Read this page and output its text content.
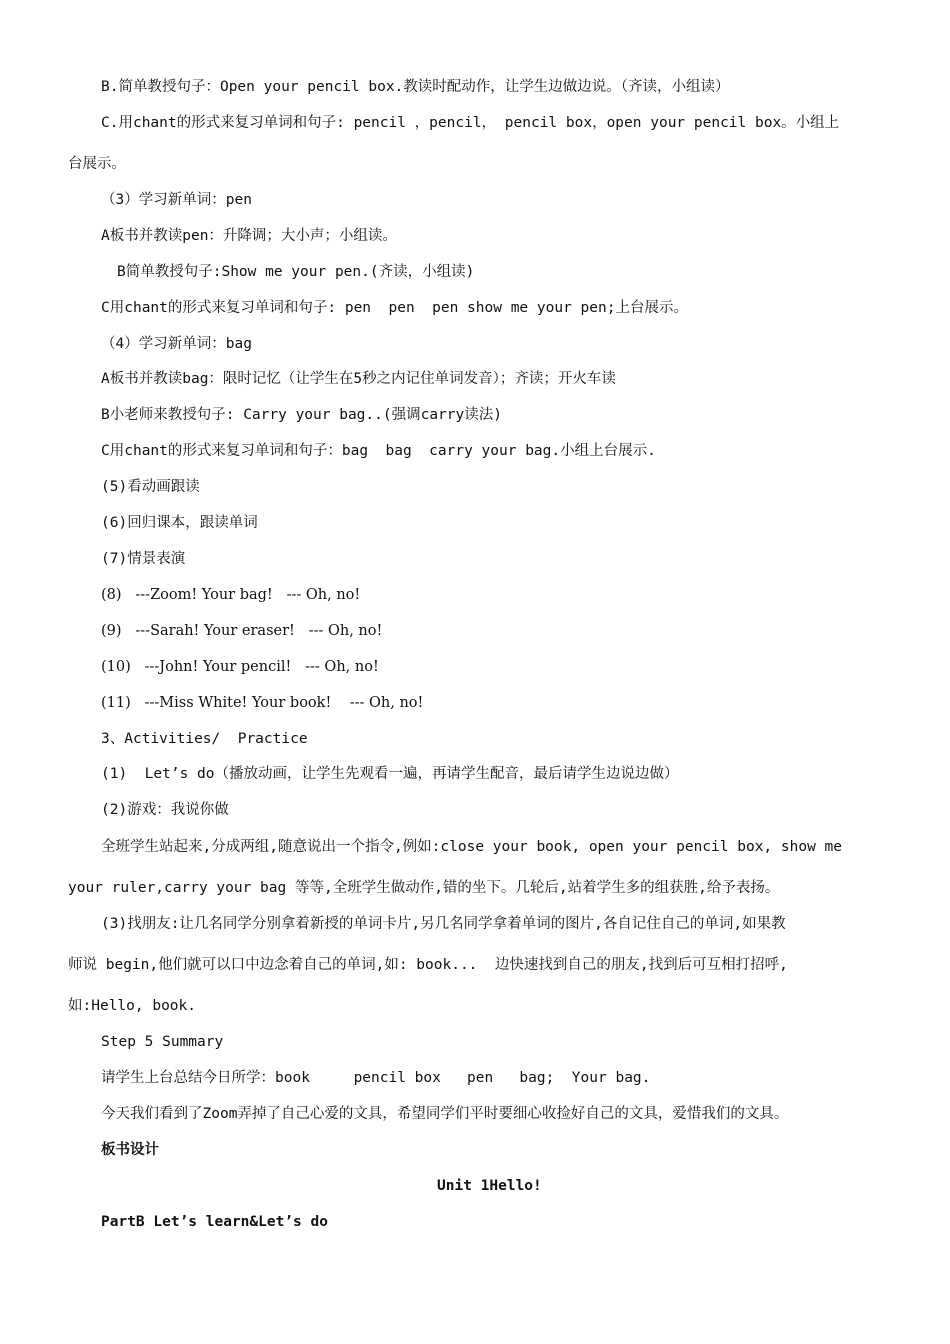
B.简单教授句子：Open your pencil box.教读时配动作，让学生边做边说。（齐读，小组读）
C.用chant的形式来复习单词和句子: pencil ，pencil， pencil box，open your pencil box。小组上
台展示。
（3）学习新单词：pen
A板书并教读pen：升降调；大小声；小组读。
B简单教授句子:Show me your pen.(齐读，小组读)
C用chant的形式来复习单词和句子: pen  pen  pen show me your pen;上台展示。
（4）学习新单词：bag
A板书并教读bag：限时记忆（让学生在5秒之内记住单词发音）；齐读；开火车读
B小老师来教授句子: Carry your bag..(强调carry读法)
C用chant的形式来复习单词和句子：bag  bag  carry your bag.小组上台展示.
(5)看动画跟读
(6)回归课本，跟读单词
(7)情景表演
(8)   ---Zoom! Your bag!   --- Oh, no!
(9)   ---Sarah! Your eraser!   --- Oh, no!
(10)   ---John! Your pencil!   --- Oh, no!
(11)   ---Miss White! Your book!    --- Oh, no!
3、Activities/  Practice
(1)  Let’s do（播放动画，让学生先观看一遍，再请学生配音，最后请学生边说边做）
(2)游戏：我说你做
全班学生站起来,分成两组,随意说出一个指令,例如:close your book, open your pencil box, show me
your ruler,carry your bag 等等,全班学生做动作,错的坐下。几轮后,站着学生多的组获胜,给予表扬。
(3)找朋友:让几名同学分别拿着新授的单词卡片,另几名同学拿着单词的图片,各自记住自己的单词,如果教
师说 begin,他们就可以口中边念着自己的单词,如: book...  边快速找到自己的朋友,找到后可互相打招呼,
如:Hello, book.
Step 5 Summary
请学生上台总结今日所学：book     pencil box   pen   bag;  Your bag.
今天我们看到了Zoom弄掉了自己心爱的文具，希望同学们平时要细心收捡好自己的文具，爱惜我们的文具。
板书设计
Unit 1Hello!
PartB Let’s learn&Let’s do
